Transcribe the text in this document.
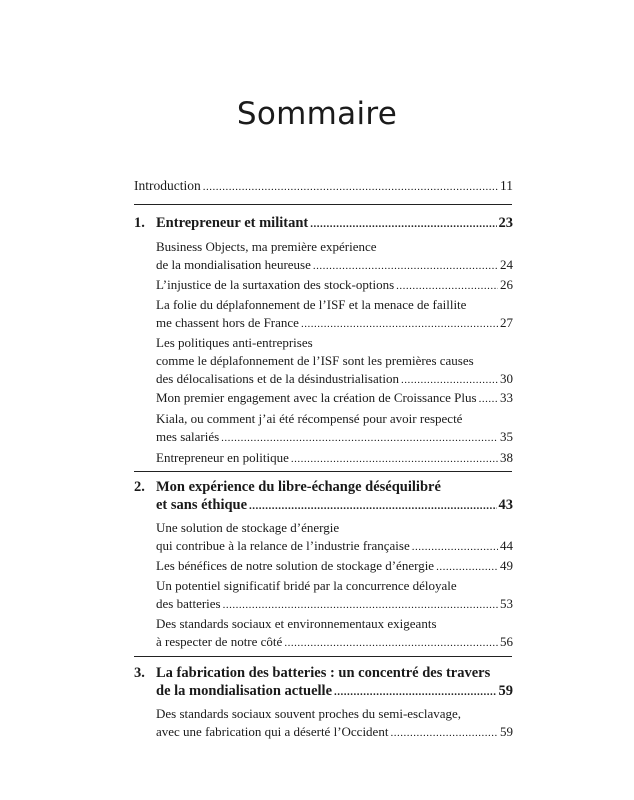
Sommaire
Introduction .....	11
1. Entrepreneur et militant .....	23
Business Objects, ma première expérience
de la mondialisation heureuse .....	24
L’injustice de la surtaxation des stock-options .....	26
La folie du déplafonnement de l’ISF et la menace de faillite
me chassent hors de France .....	27
Les politiques anti-entreprises
comme le déplafonnement de l’ISF sont les premières causes
des délocalisations et de la désindustrialisation .....	30
Mon premier engagement avec la création de Croissance Plus ..... 33
Kiala, ou comment j’ai été récompensé pour avoir respecté
mes salariés .....	35
Entrepreneur en politique .....	38
2. Mon expérience du libre-échange déséquilibré
et sans éthique .....	43
Une solution de stockage d’énergie
qui contribue à la relance de l’industrie française .....	44
Les bénéfices de notre solution de stockage d’énergie .....	49
Un potentiel significatif bridé par la concurrence déloyale
des batteries .....	53
Des standards sociaux et environnementaux exigeants
à respecter de notre côté .....	56
3. La fabrication des batteries : un concentré des travers
de la mondialisation actuelle .....	59
Des standards sociaux souvent proches du semi-esclavage,
avec une fabrication qui a déserté l’Occident .....	59
